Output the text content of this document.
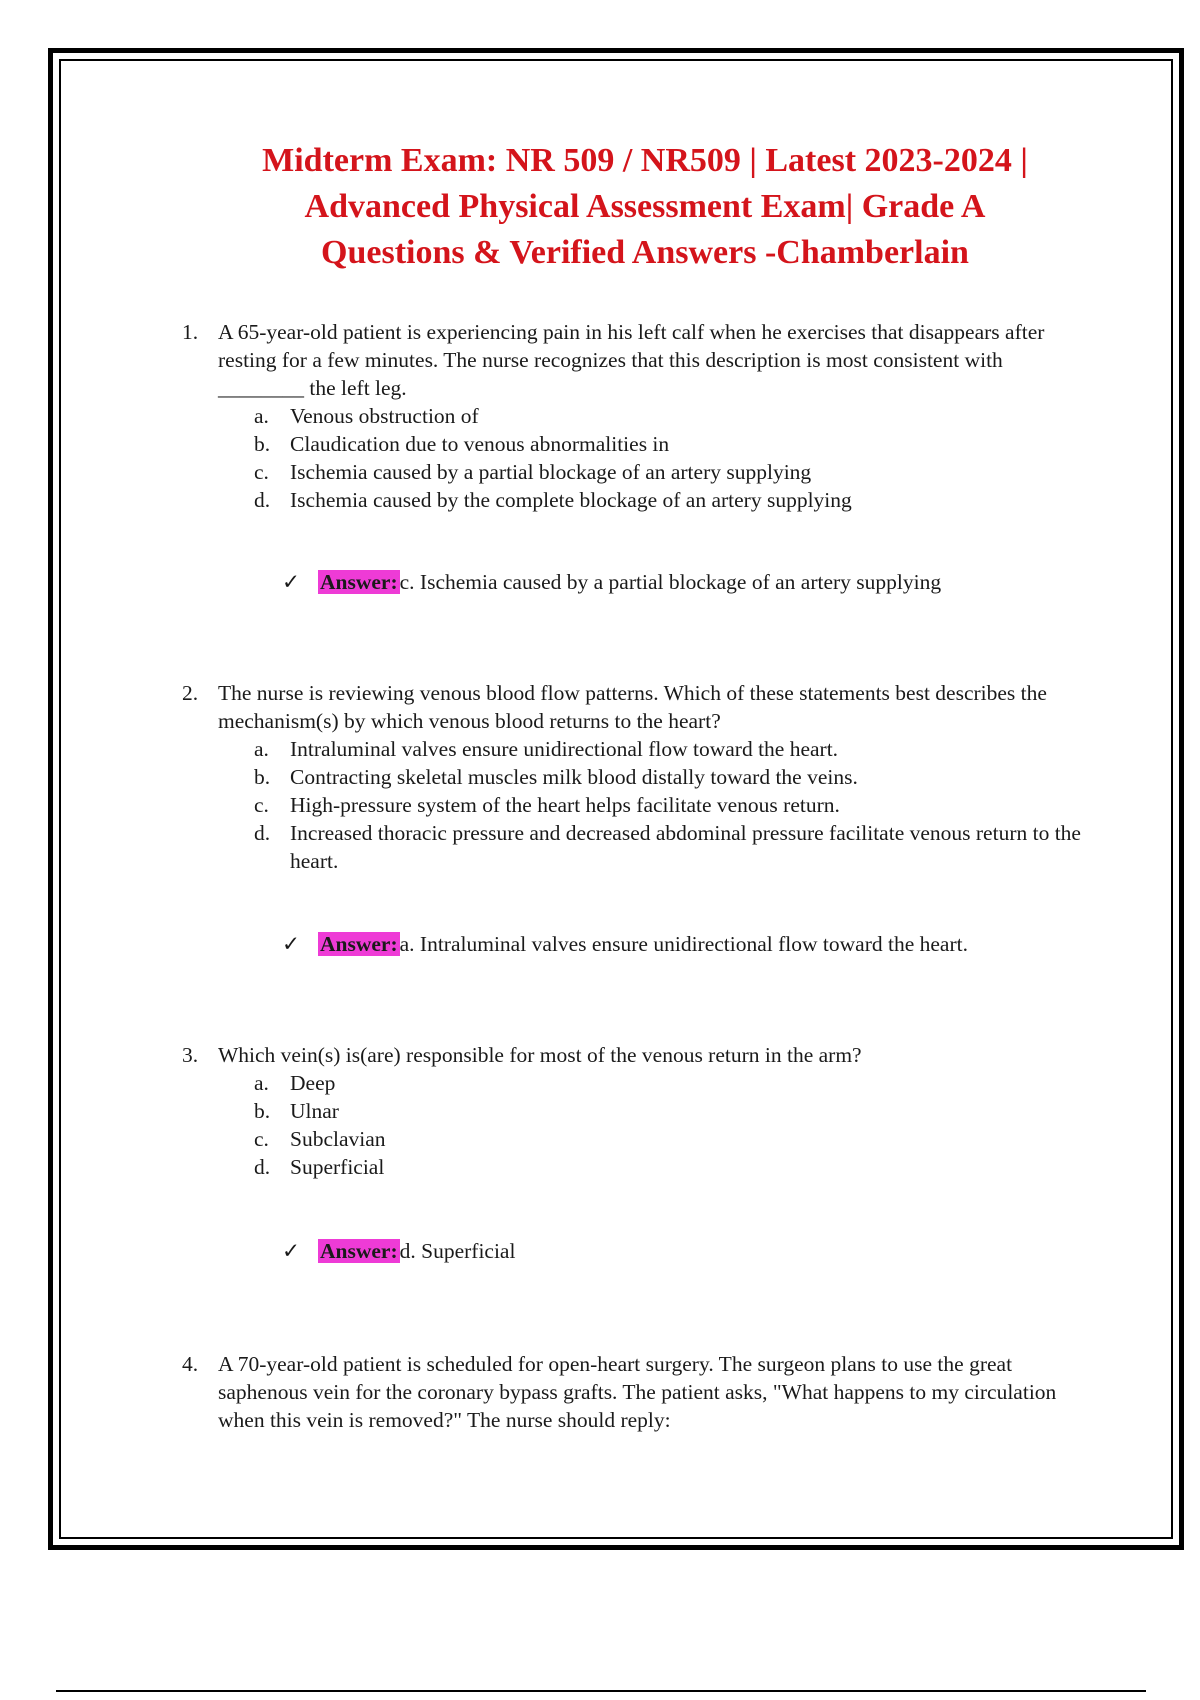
Midterm Exam: NR 509 / NR509 | Latest 2023-2024 |
Advanced Physical Assessment Exam| Grade A
Questions & Verified Answers -Chamberlain
1. A 65-year-old patient is experiencing pain in his left calf when he exercises that disappears after resting for a few minutes. The nurse recognizes that this description is most consistent with ________ the left leg.
a. Venous obstruction of
b. Claudication due to venous abnormalities in
c. Ischemia caused by a partial blockage of an artery supplying
d. Ischemia caused by the complete blockage of an artery supplying
✓ Answer:c. Ischemia caused by a partial blockage of an artery supplying
2. The nurse is reviewing venous blood flow patterns. Which of these statements best describes the mechanism(s) by which venous blood returns to the heart?
a. Intraluminal valves ensure unidirectional flow toward the heart.
b. Contracting skeletal muscles milk blood distally toward the veins.
c. High-pressure system of the heart helps facilitate venous return.
d. Increased thoracic pressure and decreased abdominal pressure facilitate venous return to the heart.
✓ Answer:a. Intraluminal valves ensure unidirectional flow toward the heart.
3. Which vein(s) is(are) responsible for most of the venous return in the arm?
a. Deep
b. Ulnar
c. Subclavian
d. Superficial
✓ Answer:d. Superficial
4. A 70-year-old patient is scheduled for open-heart surgery. The surgeon plans to use the great saphenous vein for the coronary bypass grafts. The patient asks, "What happens to my circulation when this vein is removed?" The nurse should reply:
